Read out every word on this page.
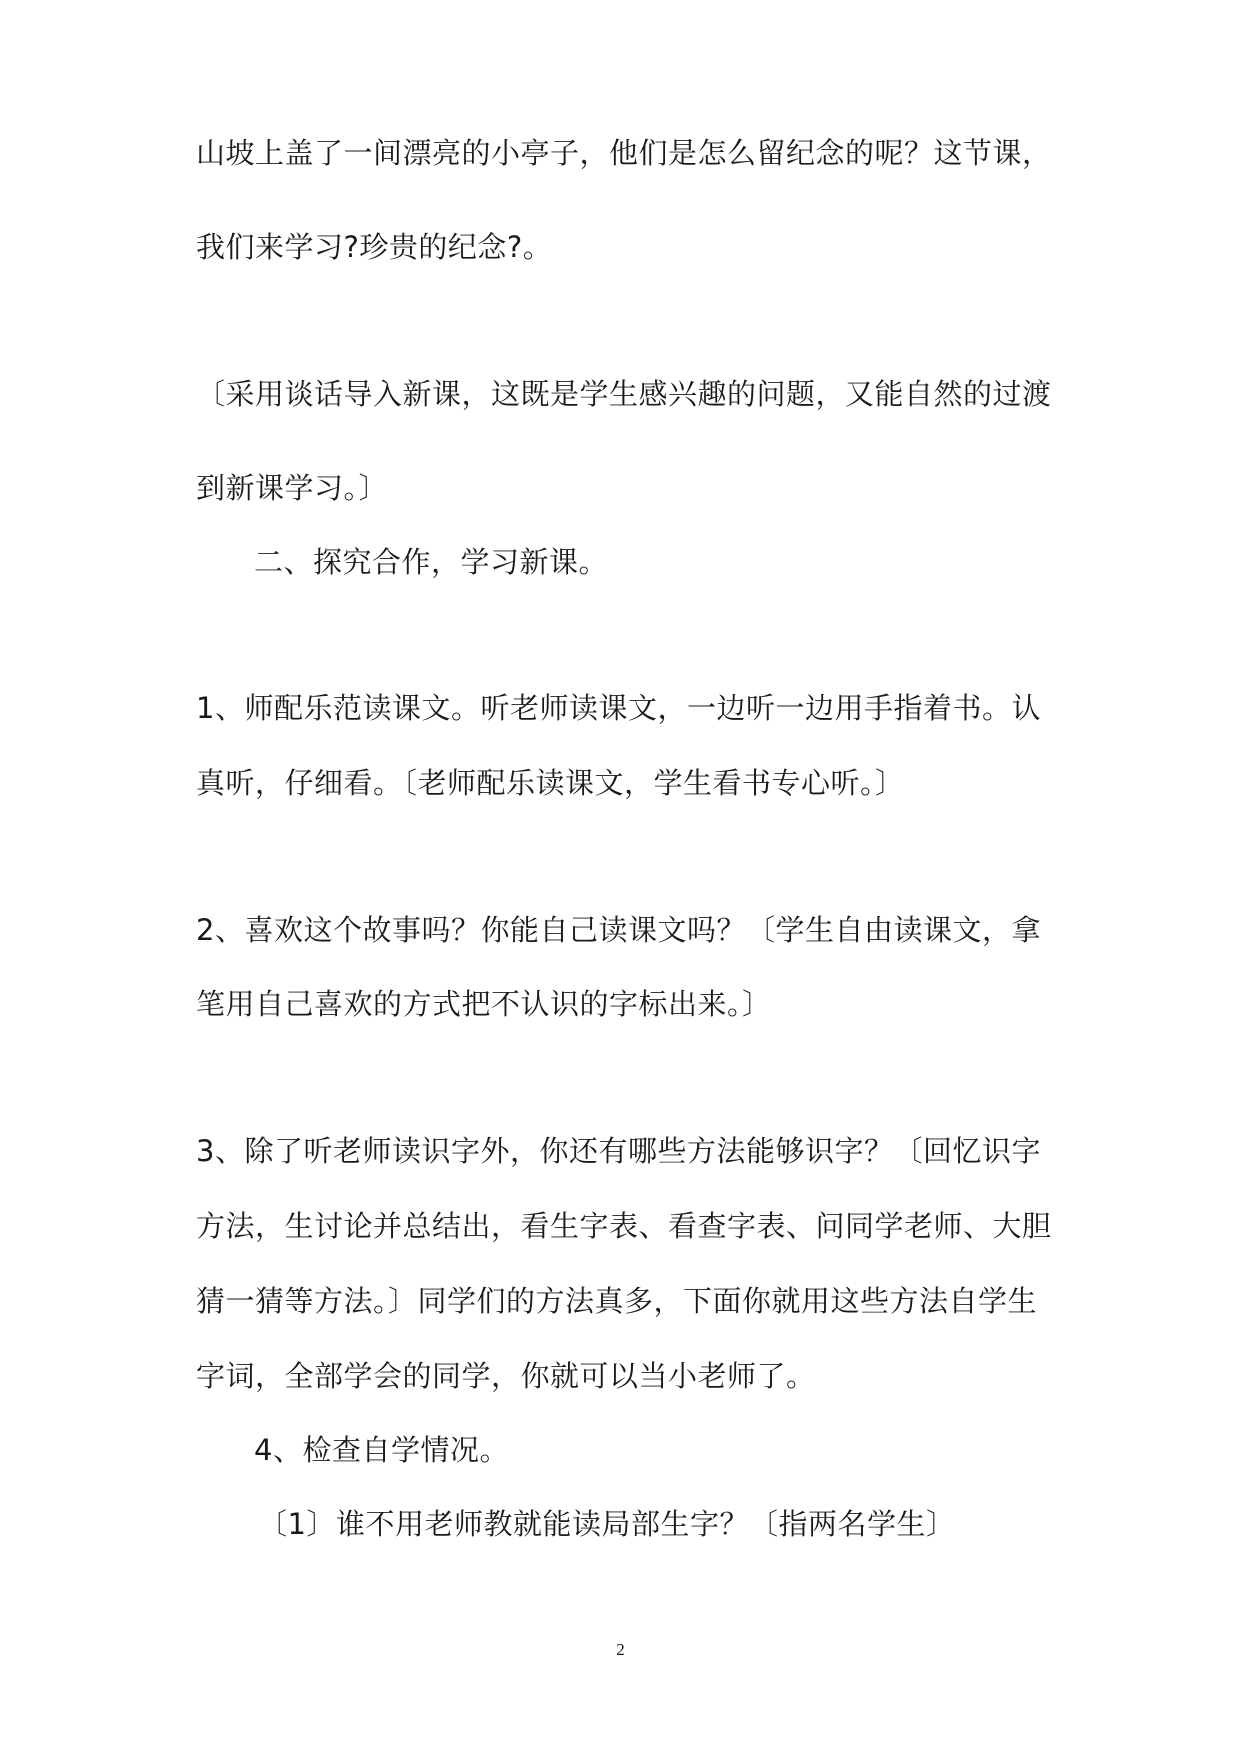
山坡上盖了一间漂亮的小亭子，他们是怎么留纪念的呢？这节课，
我们来学习?珍贵的纪念?。
〔采用谈话导入新课，这既是学生感兴趣的问题，又能自然的过渡
到新课学习。〕
二、探究合作，学习新课。
1、师配乐范读课文。听老师读课文，一边听一边用手指着书。认
真听，仔细看。〔老师配乐读课文，学生看书专心听。〕
2、喜欢这个故事吗？你能自己读课文吗？〔学生自由读课文，拿
笔用自己喜欢的方式把不认识的字标出来。〕
3、除了听老师读识字外，你还有哪些方法能够识字？〔回忆识字
方法，生讨论并总结出，看生字表、看查字表、问同学老师、大胆
猜一猜等方法。〕同学们的方法真多，下面你就用这些方法自学生
字词，全部学会的同学，你就可以当小老师了。
4、检查自学情况。
〔1〕谁不用老师教就能读局部生字？〔指两名学生〕
2
